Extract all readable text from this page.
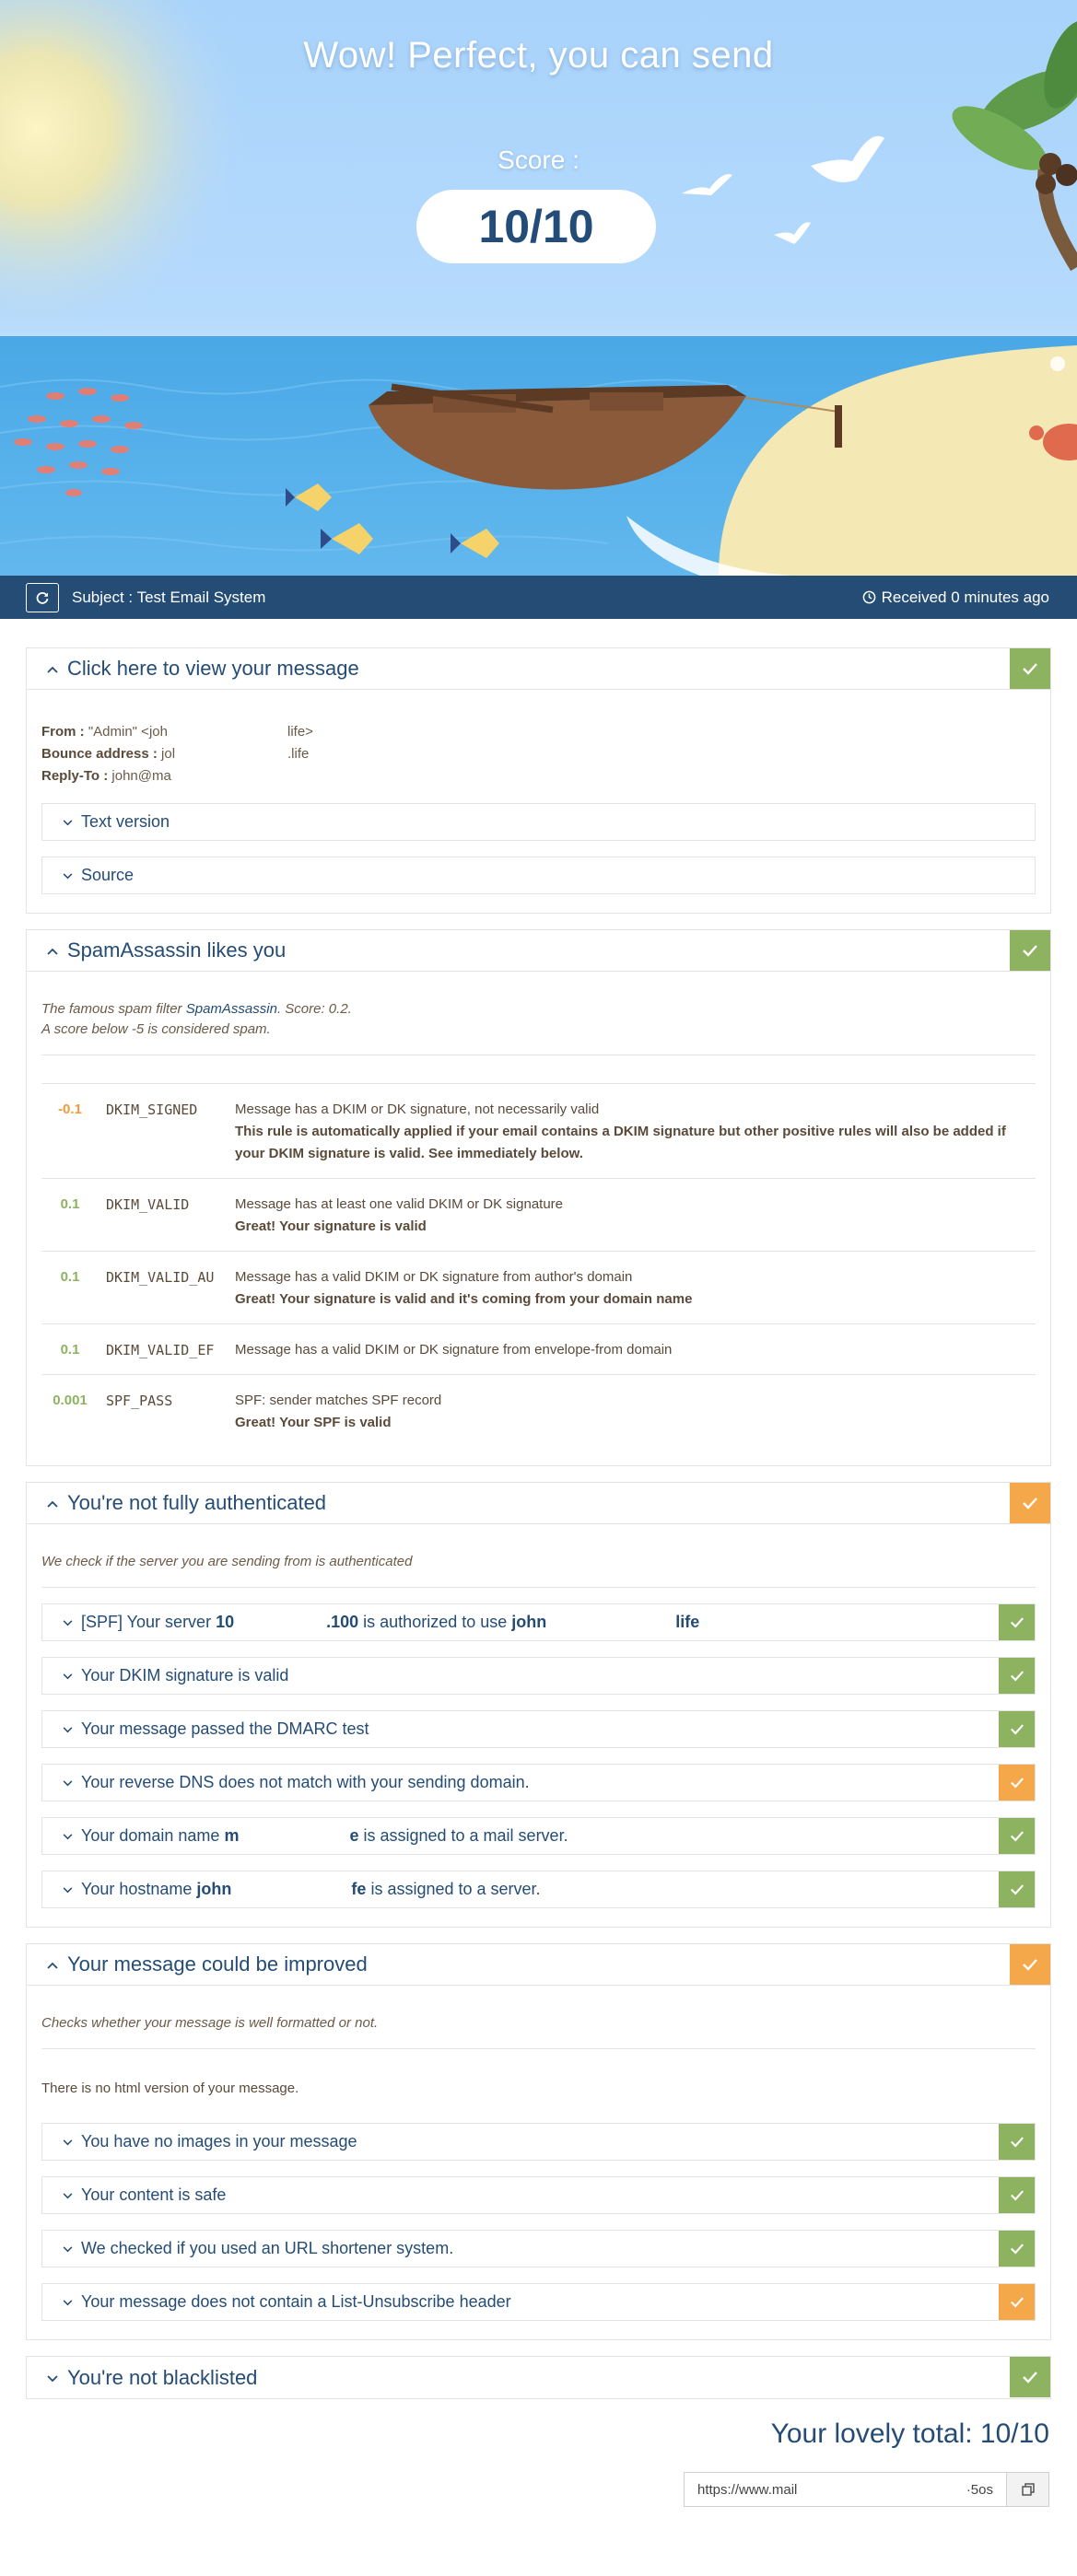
Wow! Perfect, you can send
Score :
10/10
Subject : Test Email System	Received 0 minutes ago
Click here to view your message
From : "Admin" <joh	life>
Bounce address : jol	.life
Reply-To : john@ma
Text version
Source
SpamAssassin likes you
The famous spam filter SpamAssassin. Score: 0.2.
A score below -5 is considered spam.
-0.1	DKIM_SIGNED	Message has a DKIM or DK signature, not necessarily valid
This rule is automatically applied if your email contains a DKIM signature but other positive rules will also be added if your DKIM signature is valid. See immediately below.

0.1	DKIM_VALID	Message has at least one valid DKIM or DK signature
Great! Your signature is valid

0.1	DKIM_VALID_AU	Message has a valid DKIM or DK signature from author's domain
Great! Your signature is valid and it's coming from your domain name

0.1	DKIM_VALID_EF	Message has a valid DKIM or DK signature from envelope-from domain
0.001	SPF_PASS	SPF: sender matches SPF record
Great! Your SPF is valid
You're not fully authenticated
We check if the server you are sending from is authenticated
[SPF] Your server 10	.100 is authorized to use john	life
Your DKIM signature is valid
Your message passed the DMARC test
Your reverse DNS does not match with your sending domain.
Your domain name m	e is assigned to a mail server.
Your hostname john	fe is assigned to a server.
Your message could be improved
Checks whether your message is well formatted or not.
There is no html version of your message.
You have no images in your message
Your content is safe
We checked if you used an URL shortener system.
Your message does not contain a List-Unsubscribe header
You're not blacklisted
Your lovely total: 10/10
https://www.mail	·5os
